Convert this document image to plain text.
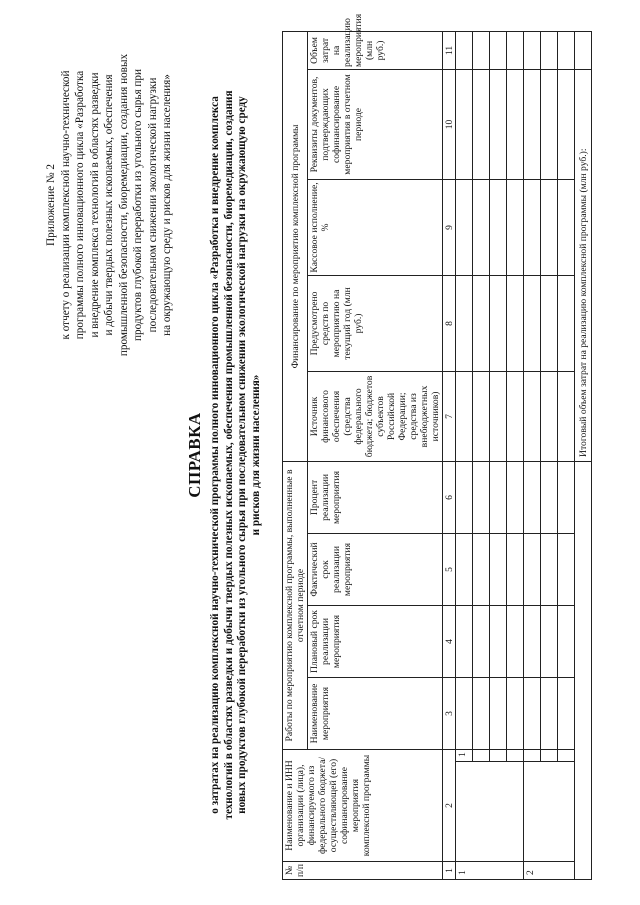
Приложение № 2 к отчету о реализации комплексной научно-технической программы полного инновационного цикла «Разработка и внедрение комплекса технологий в областях разведки и добычи твердых полезных ископаемых, обеспечения промышленной безопасности, биоремедиации, создания новых продуктов глубокой переработки из угольного сырья при последовательном снижении экологической нагрузки на окружающую среду и рисков для жизни населения»
СПРАВКА о затратах на реализацию комплексной научно-технической программы полного инновационного цикла «Разработка и внедрение комплекса технологий в областях разведки и добычи твердых полезных ископаемых, обеспечения промышленной безопасности, биоремедиации, создания новых продуктов глубокой переработки из угольного сырья при последовательном снижении экологической нагрузки на окружающую среду и рисков для жизни населения»
№ п/п	Наименование и ИНН организации (лица), финансируемого из федерального бюджета/ осуществляющей (его) софинансирование мероприятия комплексной программы		Работы по мероприятию комплексной программы, выполненные в отчетном периоде				Финансирование по мероприятию комплексной программы				
			Наименование мероприятия	Плановый срок реализации мероприятия	Фактический срок реализации мероприятия	Процент реализации мероприятия	Источник финансового обеспечения (средства федерального бюджета; бюджетов субъектов Российской Федерации; средства из внебюджетных источников)	Предусмотрено средств по мероприятию на текущий год (млн руб.)	Кассовое исполнение, %	Реквизиты документов, подтверждающих софинансирование мероприятия в отчетном периоде	Объем затрат на реализацию мероприятия (млн руб.)
1	2		3	4	5	6	7	8	9	10	11
1		1									

2											

							Итоговый объем затрат на реализацию комплексной программы (млн руб.):				
